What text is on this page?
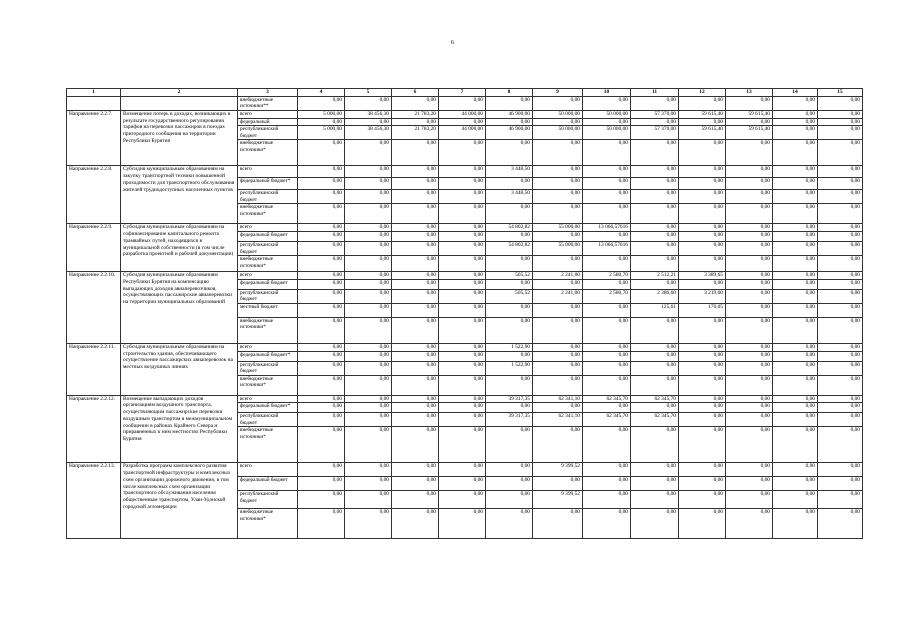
6
1	2	3	4	5	6	7	8	9	10	11	12	13	14	15
		внебюджетные источники**	0,00	0,00	0,00	0,00	0,00	0,00	0,00	0,00	0,00	0,00	0,00	0,00
Направление 2.2.7.	Возмещение потерь в доходах, возникающих в результате государственного регулирования тарифов на перевозки пассажиров в поездах пригородного сообщения на территории Республики Бурятия	всего	5 000,00	38 456,30	21 783,20	44 000,00	46 900,00	50 000,00	50 000,00	57 370,00	59 615,40	59 615,40	0,00	0,00
		федеральный	0,00	0,00	0,00	0,00	0,00	0,00	0,00	0,00	0,00	0,00	0,00	0,00
		республиканский бюджет	5 000,00	38 456,30	21 783,20	44 000,00	46 900,00	50 000,00	50 000,00	57 370,00	59 615,40	59 615,40	0,00	0,00
		внебюджетные источники*	0,00	0,00	0,00	0,00	0,00	0,00	0,00	0,00	0,00	0,00	0,00	0,00
Направление 2.2.8.	Субсидия муниципальным образованиям на закупку транспортной техники повышенной проходимости для транспортного обслуживания жителей труднодоступных населенных пунктов	всего	0,00	0,00	0,00	0,00	3 448,50	0,00	0,00	0,00	0,00	0,00	0,00	0,00
		федеральный бюджет*	0,00	0,00	0,00	0,00	0,00	0,00	0,00	0,00	0,00	0,00	0,00	0,00
		республиканский бюджет	0,00	0,00	0,00	0,00	3 448,50	0,00	0,00	0,00	0,00	0,00	0,00	0,00
		внебюджетные источники*	0,00	0,00	0,00	0,00	0,00	0,00	0,00	0,00	0,00	0,00	0,00	0,00
Направление 2.2.9.	Субсидия муниципальным образованиям на софинансирование капитального ремонта трамвайных путей, находящихся в муниципальной собственности (в том числе разработка проектной и рабочей документации)	всего	0,00	0,00	0,00	0,00	54 802,82	55 000,00	13 066,57616	0,00	0,00	0,00	0,00	0,00
		федеральный бюджет	0,00	0,00	0,00	0,00	0,00	0,00	0,00	0,00	0,00	0,00	0,00	0,00
		республиканский бюджет	0,00	0,00	0,00	0,00	54 802,82	55 000,00	13 066,57616	0,00	0,00	0,00	0,00	0,00
		внебюджетные источники*	0,00	0,00	0,00	0,00	0,00	0,00	0,00	0,00	0,00	0,00	0,00	0,00
Направление 2.2.10.	Субсидия муниципальным образованиям Республики Бурятия на компенсацию выпадающих доходов авиаперевозчиков, осуществляющих пассажирские авиаперевозки на территории муниципальных образований	всего	0,00	0,00	0,00	0,00	505,52	2 241,00	2 580,70	2 512,21	3 389,65	0,00	0,00	0,00
		федеральный бюджет	0,00	0,00	0,00	0,00	0,00	0,00	0,00	0,00	0,00	0,00	0,00	0,00
		республиканский бюджет	0,00	0,00	0,00	0,00	505,52	2 241,00	2 580,70	2 386,60	3 219,60	0,00	0,00	0,00
		местный бюджет	0,00	0,00	0,00	0,00	0,00	0,00	0,00	125,61	170,05	0,00	0,00	0,00
		внебюджетные источники*	0,00	0,00	0,00	0,00	0,00	0,00	0,00	0,00	0,00	0,00	0,00	0,00
Направление 2.2.11.	Субсидия муниципальным образованиям на строительство здания, обеспечивающего осуществление пассажирских авиаперевозок на местных воздушных линиях	всего	0,00	0,00	0,00	0,00	1 522,90	0,00	0,00	0,00	0,00	0,00	0,00	0,00
		федеральный бюджет*	0,00	0,00	0,00	0,00	0,00	0,00	0,00	0,00	0,00	0,00	0,00	0,00
		республиканский бюджет	0,00	0,00	0,00	0,00	1 522,90	0,00	0,00	0,00	0,00	0,00	0,00	0,00
		внебюджетные источники*	0,00	0,00	0,00	0,00	0,00	0,00	0,00	0,00	0,00	0,00	0,00	0,00
Направление 2.2.12.	Возмещение выпадающих доходов организациям воздушного транспорта, осуществляющим пассажирские перевозки воздушным транспортом в межмуниципальном сообщении в районах Крайнего Севера и приравненных к ним местностях Республики Бурятия	всего	0,00	0,00	0,00	0,00	39 317,35	62 341,10	62 345,70	62 345,70	0,00	0,00	0,00	0,00
		федеральный бюджет*	0,00	0,00	0,00	0,00	0,00	0,00	0,00	0,00	0,00	0,00	0,00	0,00
		республиканский бюджет	0,00	0,00	0,00	0,00	39 317,35	62 341,10	62 345,70	62 345,70	0,00	0,00	0,00	0,00
		внебюджетные источники*	0,00	0,00	0,00	0,00	0,00	0,00	0,00	0,00	0,00	0,00	0,00	0,00
Направление 2.2.13.	Разработка программ комплексного развития транспортной инфраструктуры и комплексных схем организации дорожного движения, в том числе комплексных схем организации транспортного обслуживания населения общественным транспортом, Улан-Удэнской городской агломерации	всего	0,00	0,00	0,00	0,00	0,00	9 399,52	0,00	0,00	0,00	0,00	0,00	0,00
		федеральный бюджет	0,00	0,00	0,00	0,00	0,00	0,00	0,00	0,00	0,00	0,00	0,00	0,00
		республиканский бюджет	0,00	0,00	0,00	0,00	0,00	9 399,52	0,00	0,00	0,00	0,00	0,00	0,00
		внебюджетные источники*	0,00	0,00	0,00	0,00	0,00	0,00	0,00	0,00	0,00	0,00	0,00	0,00
